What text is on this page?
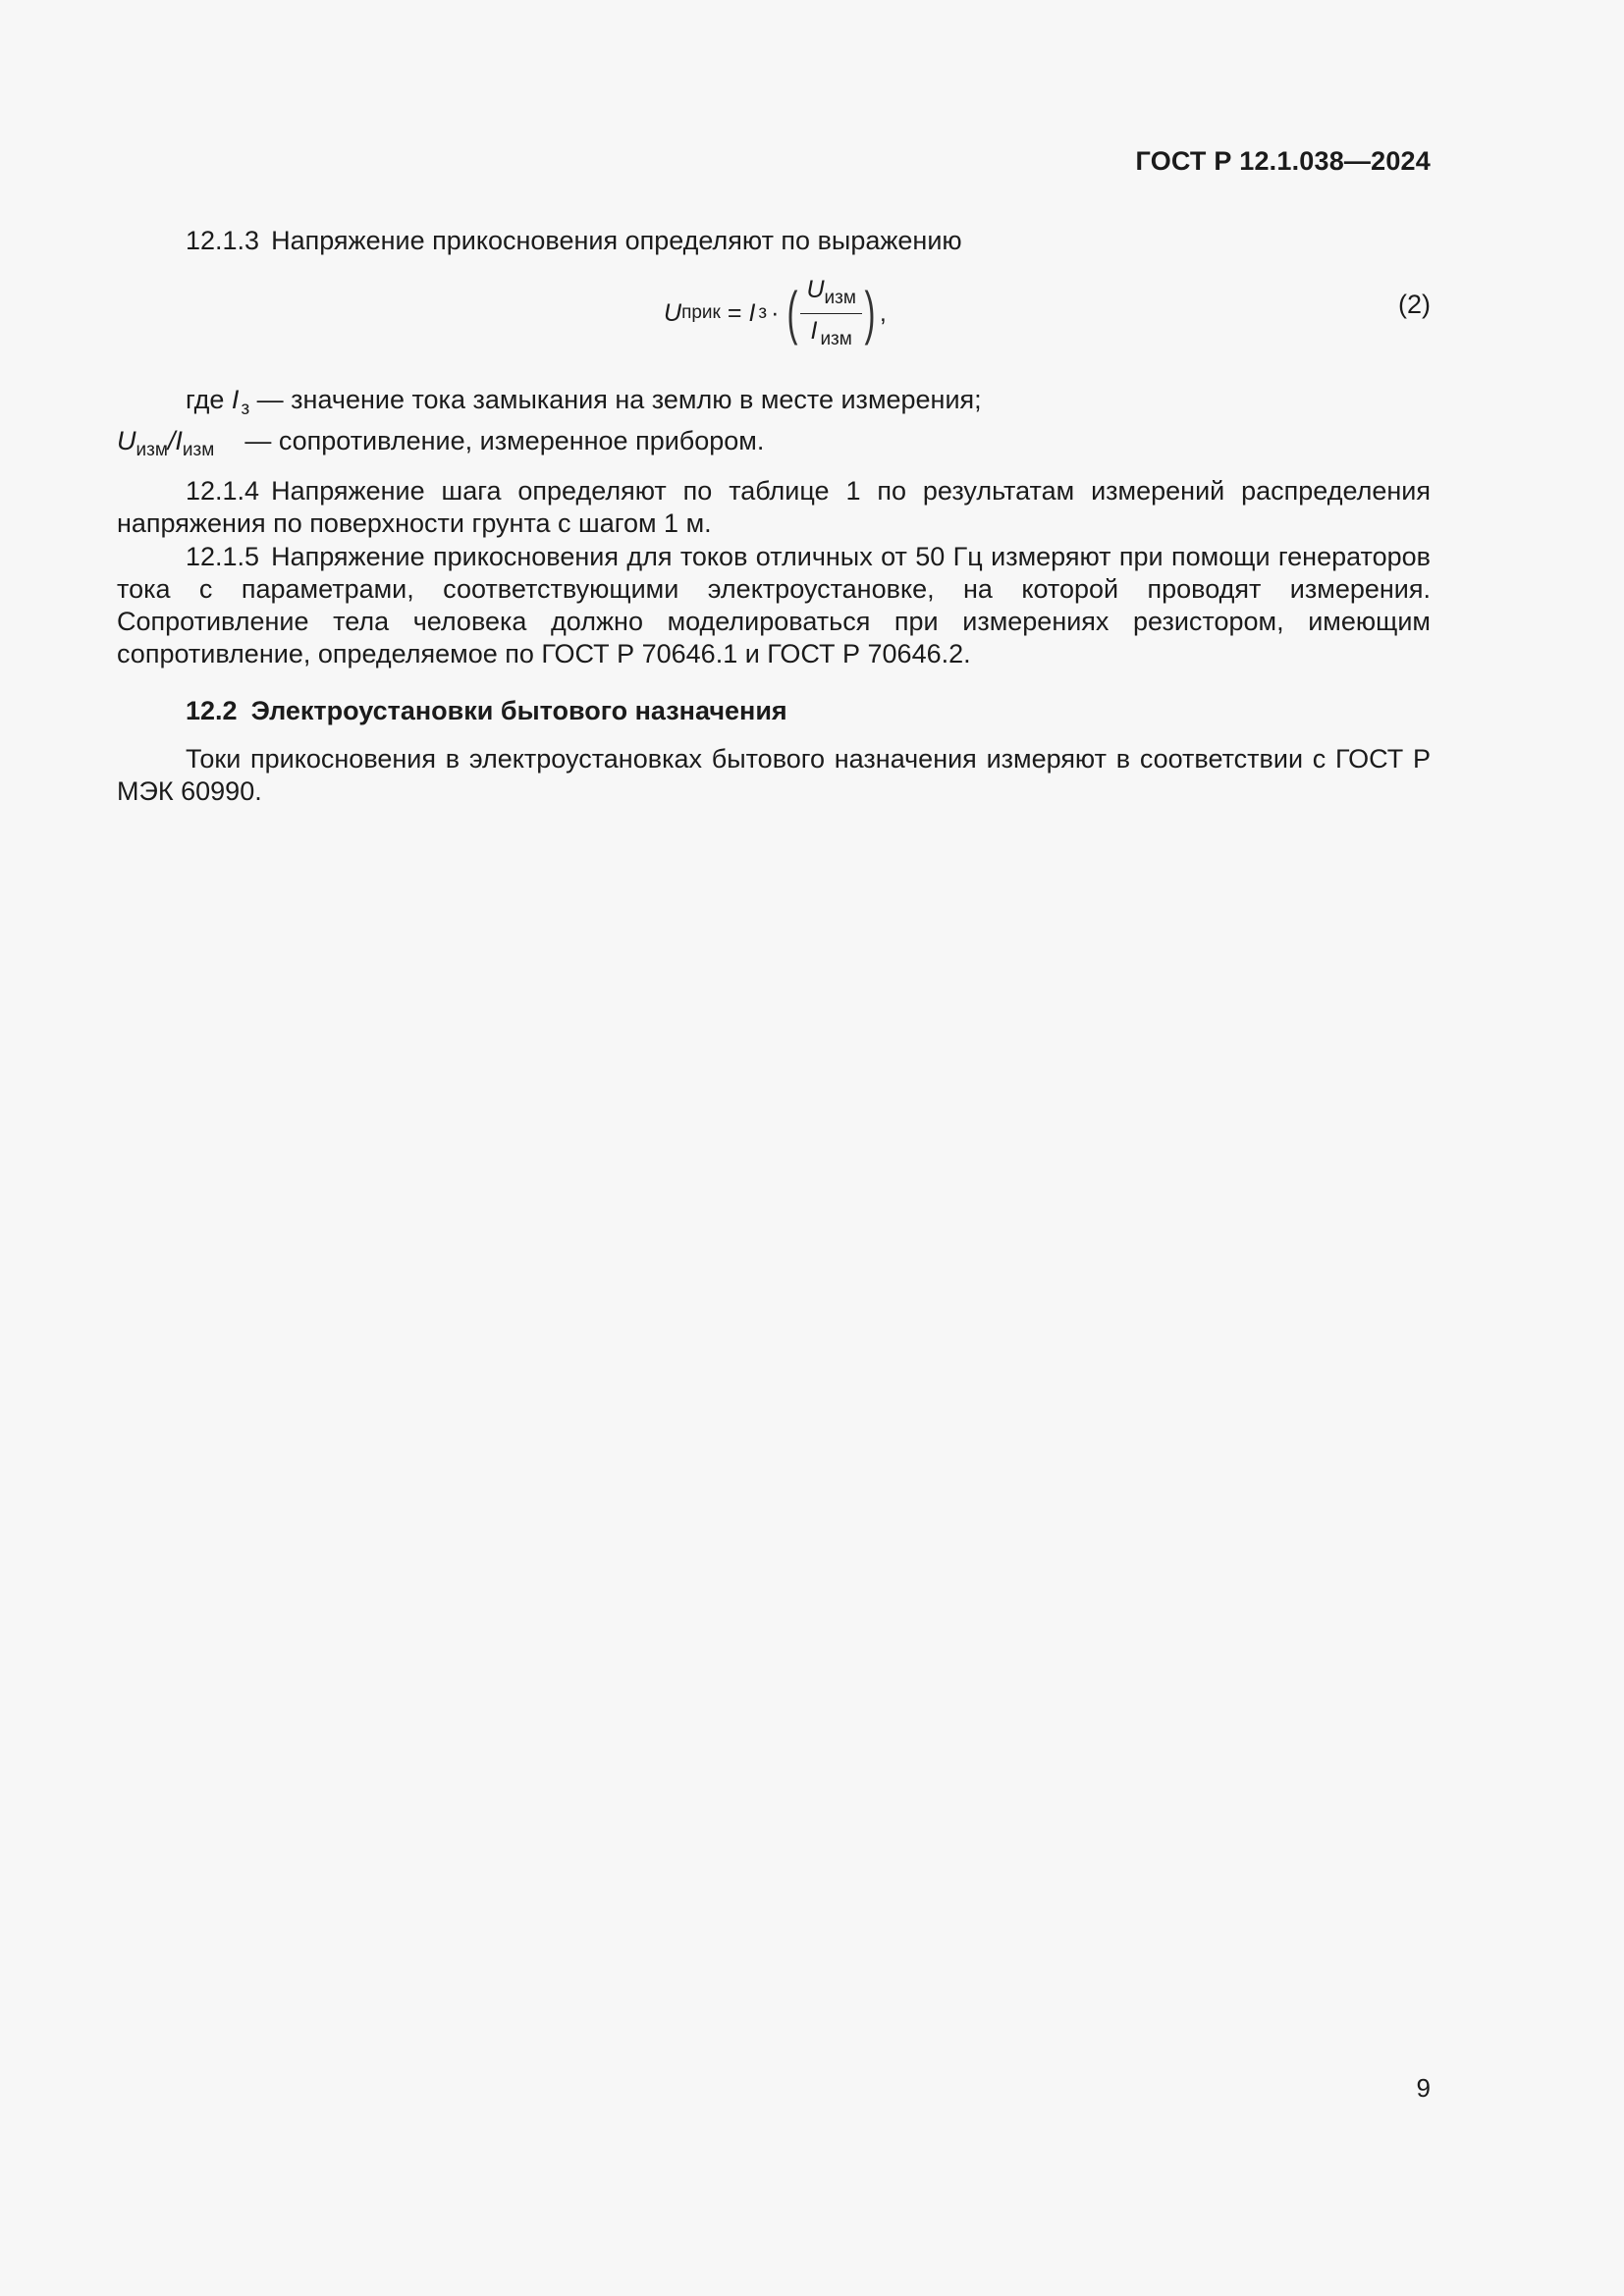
ГОСТ Р 12.1.038—2024

12.1.3 Напряжение прикосновения определяют по выражению

U прик = I з · ( $\frac{U_{изм}}{I _{изм}}$ ) ,	(2)
где I $_з$ — значение тока замыкания на землю в месте измерения;
$U_{изм}/I_{изм}$ — сопротивление, измеренное прибором.

12.1.4 Напряжение шага определяют по таблице 1 по результатам измерений распределения напряжения по поверхности грунта с шагом 1 м.

12.1.5 Напряжение прикосновения для токов отличных от 50 Гц измеряют при помощи генераторов тока с параметрами, соответствующими электроустановке, на которой проводят измерения. Сопротивление тела человека должно моделироваться при измерениях резистором, имеющим сопротивление, определяемое по ГОСТ Р 70646.1 и ГОСТ Р 70646.2.

12.2 Электроустановки бытового назначения

Токи прикосновения в электроустановках бытового назначения измеряют в соответствии с ГОСТ Р МЭК 60990.

9
